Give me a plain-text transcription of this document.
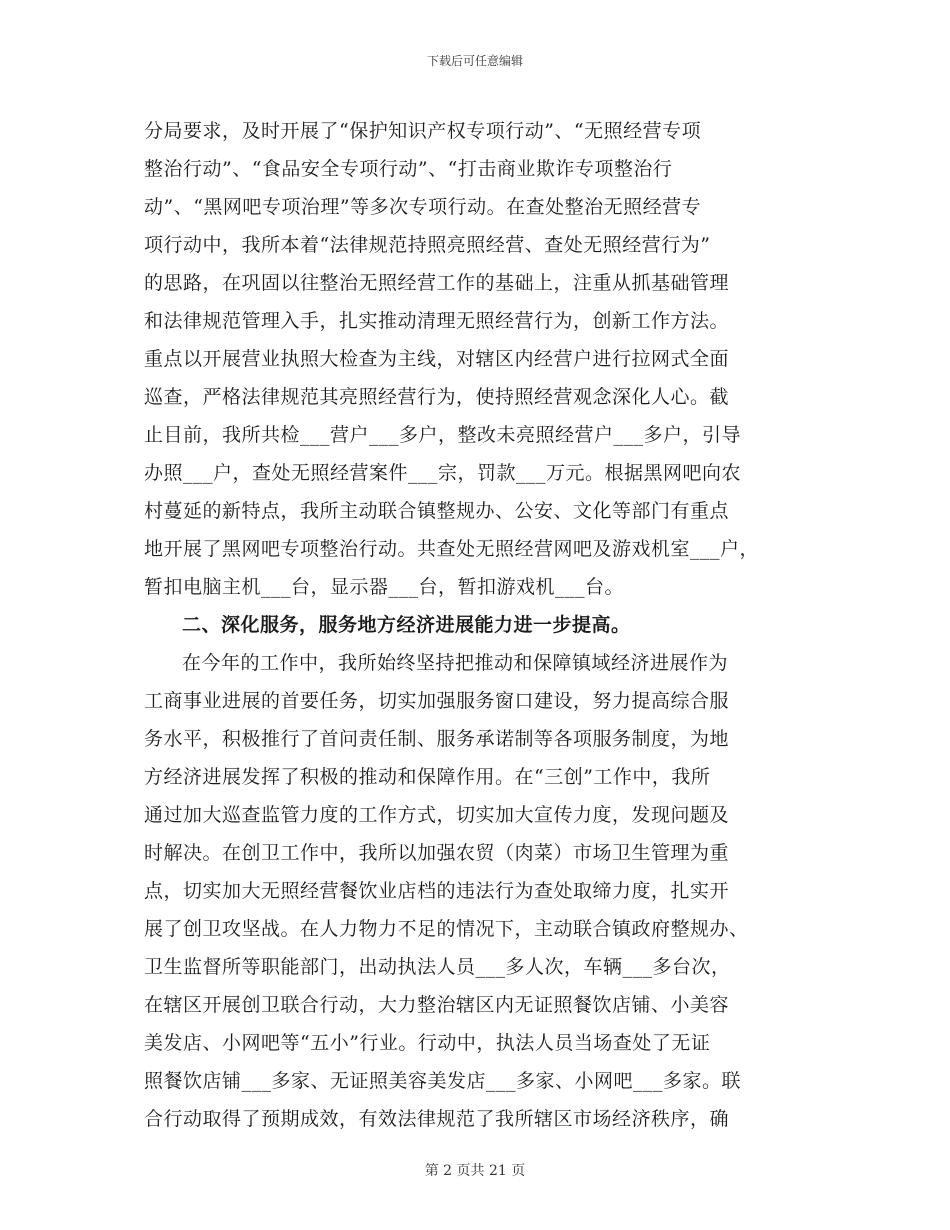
下载后可任意编辑
分局要求，及时开展了“保护知识产权专项行动”、“无照经营专项
整治行动”、“食品安全专项行动”、“打击商业欺诈专项整治行
动”、“黑网吧专项治理”等多次专项行动。在查处整治无照经营专
项行动中，我所本着“法律规范持照亮照经营、查处无照经营行为”
的思路，在巩固以往整治无照经营工作的基础上，注重从抓基础管理
和法律规范管理入手，扎实推动清理无照经营行为，创新工作方法。
重点以开展营业执照大检查为主线，对辖区内经营户进行拉网式全面
巡查，严格法律规范其亮照经营行为，使持照经营观念深化人心。截
止目前，我所共检___营户___多户，整改未亮照经营户___多户，引导
办照___户，查处无照经营案件___宗，罚款___万元。根据黑网吧向农
村蔓延的新特点，我所主动联合镇整规办、公安、文化等部门有重点
地开展了黑网吧专项整治行动。共查处无照经营网吧及游戏机室___户，
暂扣电脑主机___台，显示器___台，暂扣游戏机___台。
二、深化服务，服务地方经济进展能力进一步提高。
在今年的工作中，我所始终坚持把推动和保障镇域经济进展作为
工商事业进展的首要任务，切实加强服务窗口建设，努力提高综合服
务水平，积极推行了首问责任制、服务承诺制等各项服务制度，为地
方经济进展发挥了积极的推动和保障作用。在“三创”工作中，我所
通过加大巡查监管力度的工作方式，切实加大宣传力度，发现问题及
时解决。在创卫工作中，我所以加强农贸（肉菜）市场卫生管理为重
点，切实加大无照经营餐饮业店档的违法行为查处取缔力度，扎实开
展了创卫攻坚战。在人力物力不足的情况下，主动联合镇政府整规办、
卫生监督所等职能部门，出动执法人员___多人次，车辆___多台次，
在辖区开展创卫联合行动，大力整治辖区内无证照餐饮店铺、小美容
美发店、小网吧等“五小”行业。行动中，执法人员当场查处了无证
照餐饮店铺___多家、无证照美容美发店___多家、小网吧___多家。联
合行动取得了预期成效，有效法律规范了我所辖区市场经济秩序，确
第 2 页共 21 页
